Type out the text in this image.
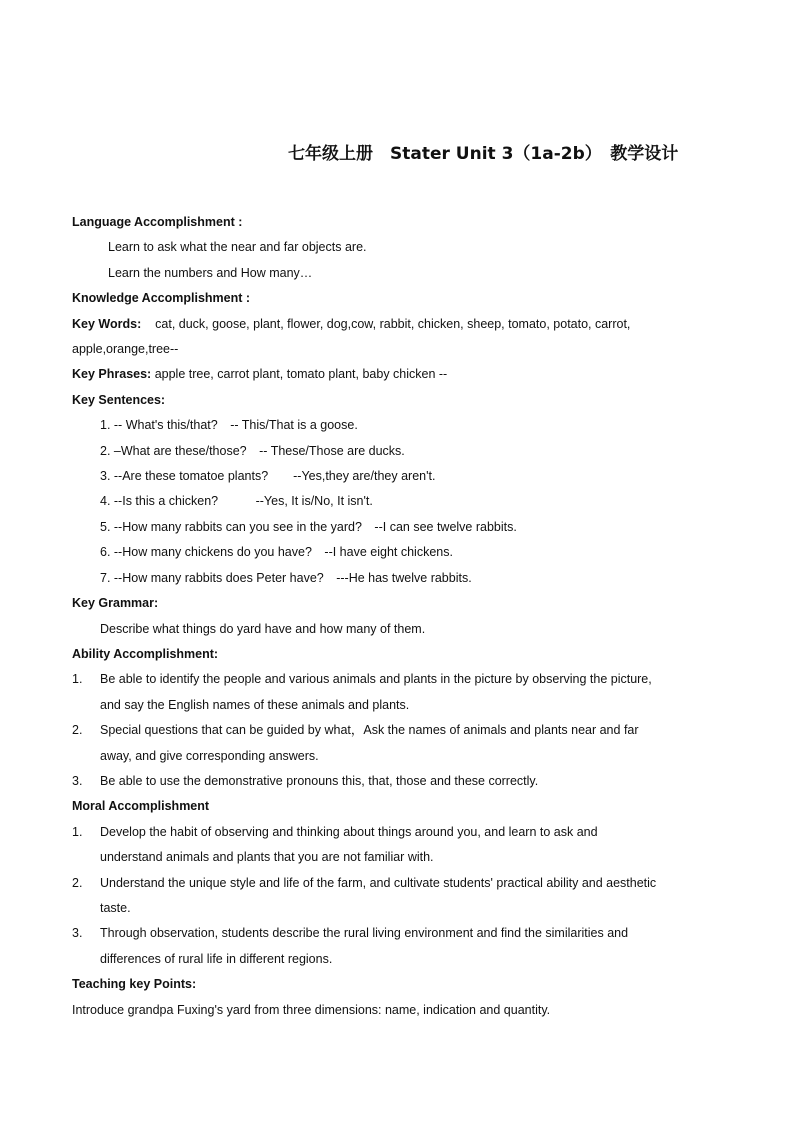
七年级上册　Stater Unit 3（1a-2b）　教学设计
Language Accomplishment :
Learn to ask what the near and far objects are.
Learn the numbers and How many…
Knowledge Accomplishment :
Key Words: cat, duck, goose, plant, flower, dog,cow, rabbit, chicken, sheep, tomato, potato, carrot,
apple,orange,tree--
Key Phrases: apple tree, carrot plant, tomato plant, baby chicken --
Key Sentences:
1. -- What's this/that?　-- This/That is a goose.
2. –What are these/those?　-- These/Those are ducks.
3. --Are these tomatoe plants?　　--Yes,they are/they aren't.
4. --Is this a chicken?　　　--Yes, It is/No, It isn't.
5. --How many rabbits can you see in the yard?　--I can see twelve rabbits.
6. --How many chickens do you have?　--I have eight chickens.
7. --How many rabbits does Peter have?　---He has twelve rabbits.
Key Grammar:
Describe what things do yard have and how many of them.
Ability Accomplishment:
1.	Be able to identify the people and various animals and plants in the picture by observing the picture,
and say the English names of these animals and plants.
2.	Special questions that can be guided by what，Ask the names of animals and plants near and far
away, and give corresponding answers.
3.	Be able to use the demonstrative pronouns this, that, those and these correctly.
Moral Accomplishment
1.	Develop the habit of observing and thinking about things around you, and learn to ask and
understand animals and plants that you are not familiar with.
2.	Understand the unique style and life of the farm, and cultivate students' practical ability and aesthetic
taste.
3.	Through observation, students describe the rural living environment and find the similarities and
differences of rural life in different regions.
Teaching key Points:
Introduce grandpa Fuxing's yard from three dimensions: name, indication and quantity.
